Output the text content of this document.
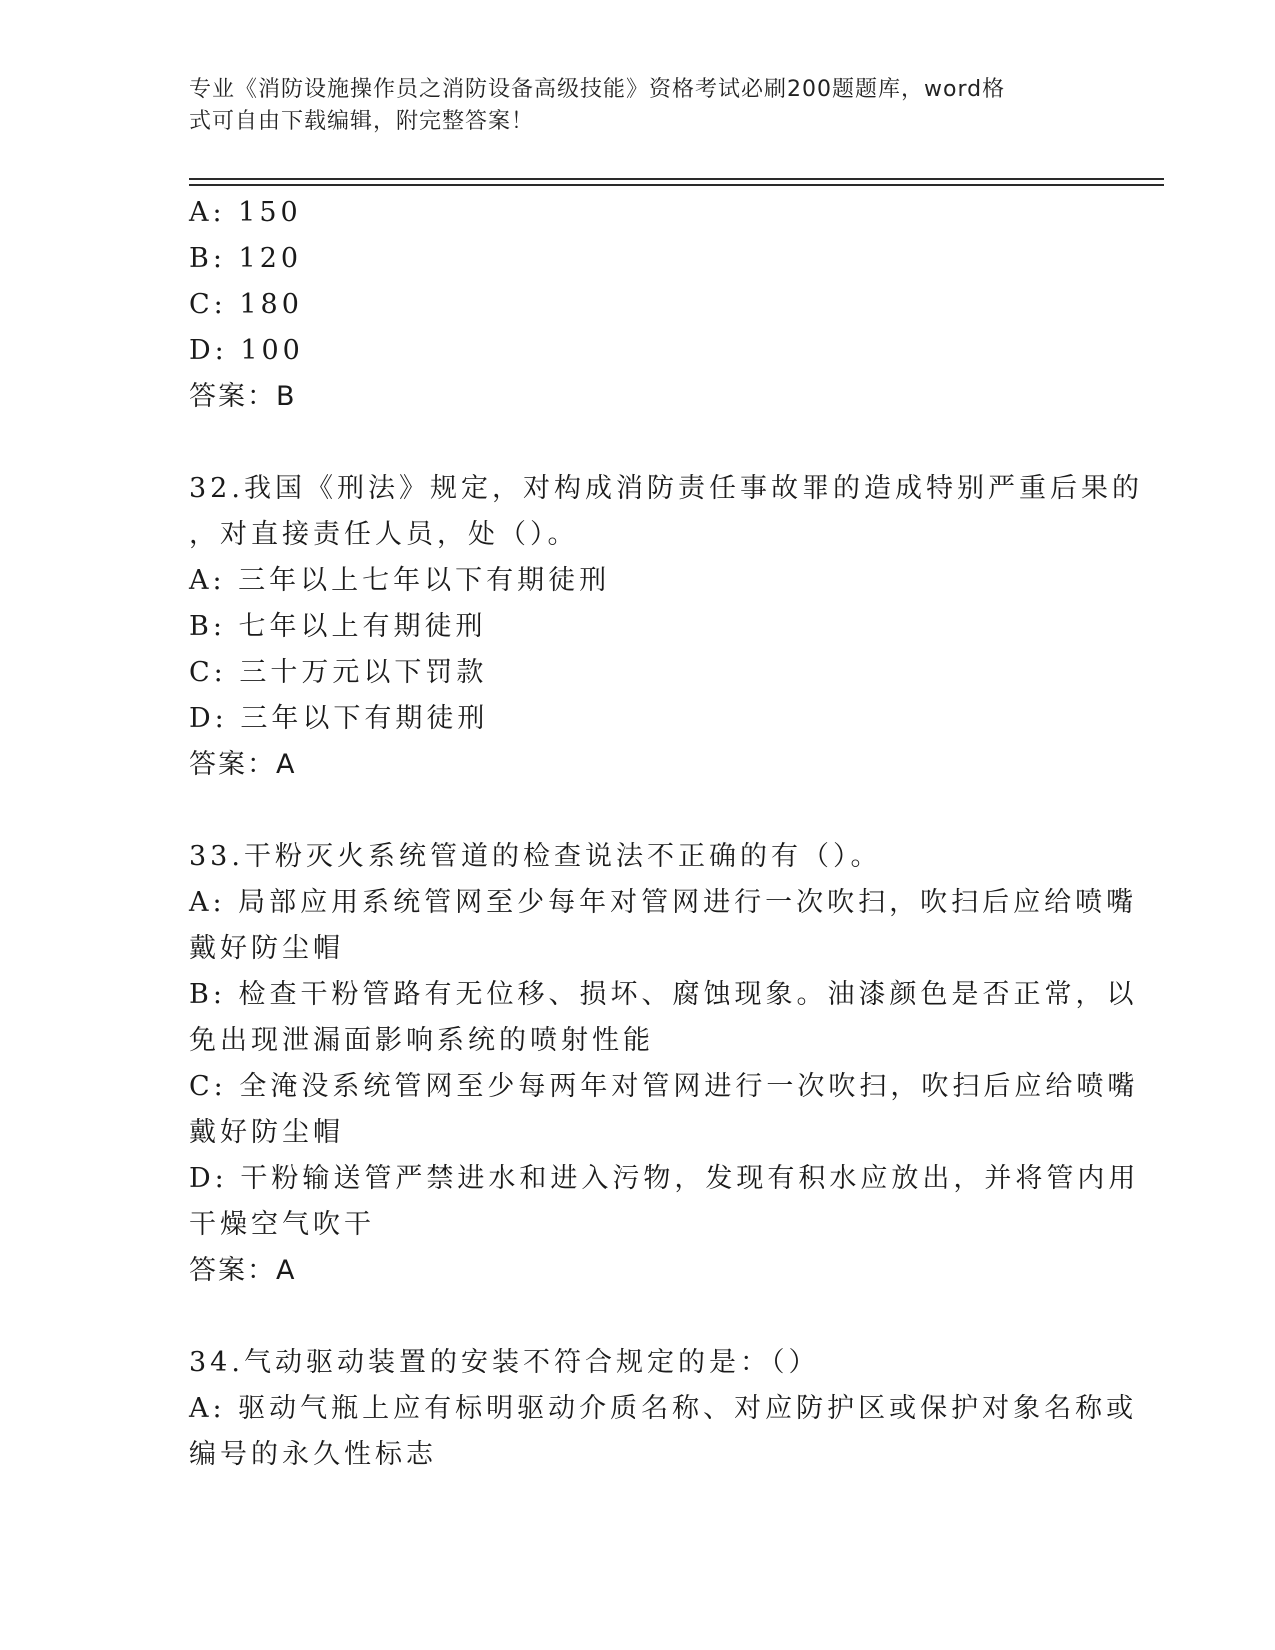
专业《消防设施操作员之消防设备高级技能》资格考试必刷200题题库，word格
式可自由下载编辑，附完整答案！
A: 150
B: 120
C: 180
D: 100
答案：B
32.我国《刑法》规定，对构成消防责任事故罪的造成特别严重后果的
，对直接责任人员，处（）。
A: 三年以上七年以下有期徒刑
B: 七年以上有期徒刑
C: 三十万元以下罚款
D: 三年以下有期徒刑
答案：A
33.干粉灭火系统管道的检查说法不正确的有（）。
A: 局部应用系统管网至少每年对管网进行一次吹扫，吹扫后应给喷嘴
戴好防尘帽
B: 检查干粉管路有无位移、损坏、腐蚀现象。油漆颜色是否正常，以
免出现泄漏面影响系统的喷射性能
C: 全淹没系统管网至少每两年对管网进行一次吹扫，吹扫后应给喷嘴
戴好防尘帽
D: 干粉输送管严禁进水和进入污物，发现有积水应放出，并将管内用
干燥空气吹干
答案：A
34.气动驱动装置的安装不符合规定的是：（）
A: 驱动气瓶上应有标明驱动介质名称、对应防护区或保护对象名称或
编号的永久性标志
